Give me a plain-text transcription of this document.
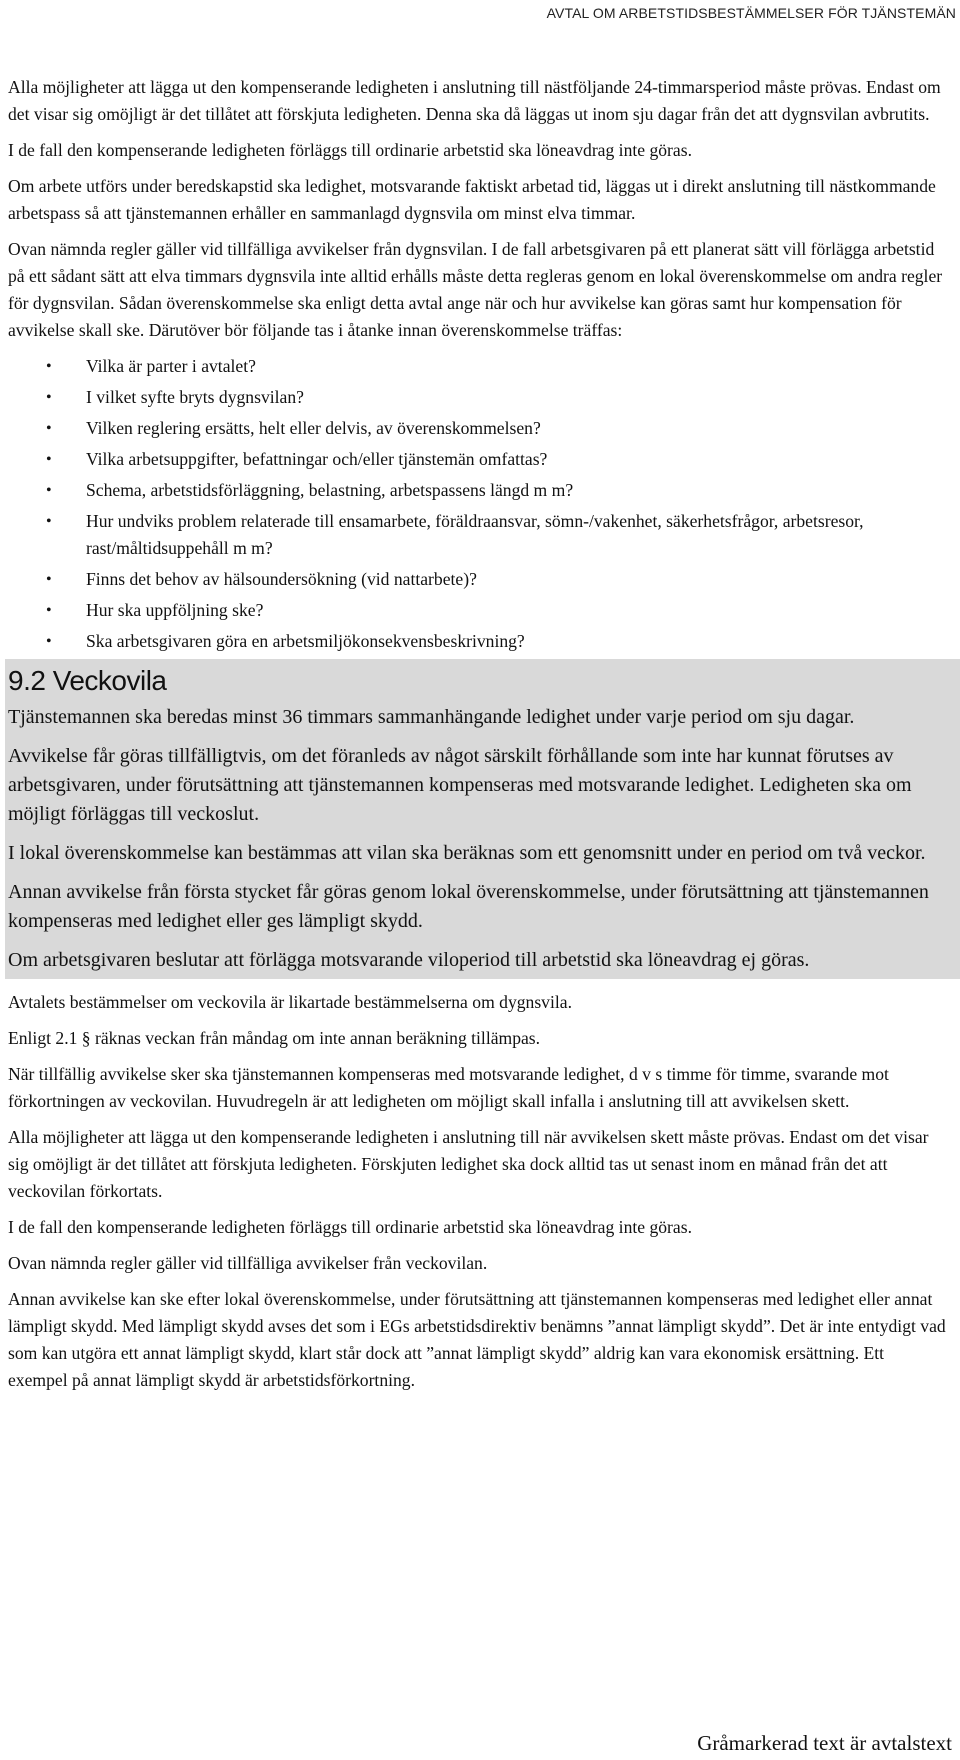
AVTAL OM ARBETSTIDSBESTÄMMELSER FÖR TJÄNSTEMÄN

Alla möjligheter att lägga ut den kompenserande ledigheten i anslutning till nästföljande 24-timmarsperiod måste prövas. Endast om det visar sig omöjligt är det tillåtet att förskjuta ledigheten. Denna ska då läggas ut inom sju dagar från det att dygnsvilan avbrutits.

I de fall den kompenserande ledigheten förläggs till ordinarie arbetstid ska löneavdrag inte göras.

Om arbete utförs under beredskapstid ska ledighet, motsvarande faktiskt arbetad tid, läggas ut i direkt anslutning till nästkommande arbetspass så att tjänstemannen erhåller en sammanlagd dygnsvila om minst elva timmar.

Ovan nämnda regler gäller vid tillfälliga avvikelser från dygnsvilan. I de fall arbetsgivaren på ett planerat sätt vill förlägga arbetstid på ett sådant sätt att elva timmars dygnsvila inte alltid erhålls måste detta regleras genom en lokal överenskommelse om andra regler för dygnsvilan. Sådan överenskommelse ska enligt detta avtal ange när och hur avvikelse kan göras samt hur kompensation för avvikelse skall ske. Därutöver bör följande tas i åtanke innan överenskommelse träffas:

• Vilka är parter i avtalet?
• I vilket syfte bryts dygnsvilan?
• Vilken reglering ersätts, helt eller delvis, av överenskommelsen?
• Vilka arbetsuppgifter, befattningar och/eller tjänstemän omfattas?
• Schema, arbetstidsförläggning, belastning, arbetspassens längd m m?
• Hur undviks problem relaterade till ensamarbete, föräldraansvar, sömn-/vakenhet, säkerhetsfrågor, arbetsresor, rast/måltidsuppehåll m m?
• Finns det behov av hälsoundersökning (vid nattarbete)?
• Hur ska uppföljning ske?
• Ska arbetsgivaren göra en arbetsmiljökonsekvensbeskrivning?
9.2 Veckovila

Tjänstemannen ska beredas minst 36 timmars sammanhängande ledighet under varje period om sju dagar.

Avvikelse får göras tillfälligtvis, om det föranleds av något särskilt förhållande som inte har kunnat förutses av arbetsgivaren, under förutsättning att tjänstemannen kompenseras med motsvarande ledighet. Ledigheten ska om möjligt förläggas till veckoslut.

I lokal överenskommelse kan bestämmas att vilan ska beräknas som ett genomsnitt under en period om två veckor.

Annan avvikelse från första stycket får göras genom lokal överenskommelse, under förutsättning att tjänstemannen kompenseras med ledighet eller ges lämpligt skydd.

Om arbetsgivaren beslutar att förlägga motsvarande viloperiod till arbetstid ska löneavdrag ej göras.

Avtalets bestämmelser om veckovila är likartade bestämmelserna om dygnsvila.

Enligt 2.1 § räknas veckan från måndag om inte annan beräkning tillämpas.

När tillfällig avvikelse sker ska tjänstemannen kompenseras med motsvarande ledighet, d v s timme för timme, svarande mot förkortningen av veckovilan. Huvudregeln är att ledigheten om möjligt skall infalla i anslutning till att avvikelsen skett.

Alla möjligheter att lägga ut den kompenserande ledigheten i anslutning till när avvikelsen skett måste prövas. Endast om det visar sig omöjligt är det tillåtet att förskjuta ledigheten. Förskjuten ledighet ska dock alltid tas ut senast inom en månad från det att veckovilan förkortats.

I de fall den kompenserande ledigheten förläggs till ordinarie arbetstid ska löneavdrag inte göras.

Ovan nämnda regler gäller vid tillfälliga avvikelser från veckovilan.

Annan avvikelse kan ske efter lokal överenskommelse, under förutsättning att tjänstemannen kompenseras med ledighet eller annat lämpligt skydd. Med lämpligt skydd avses det som i EGs arbetstidsdirektiv benämns ”annat lämpligt skydd”. Det är inte entydigt vad som kan utgöra ett annat lämpligt skydd, klart står dock att ”annat lämpligt skydd” aldrig kan vara ekonomisk ersättning. Ett exempel på annat lämpligt skydd är arbetstidsförkortning.

Gråmarkerad text är avtalstext
